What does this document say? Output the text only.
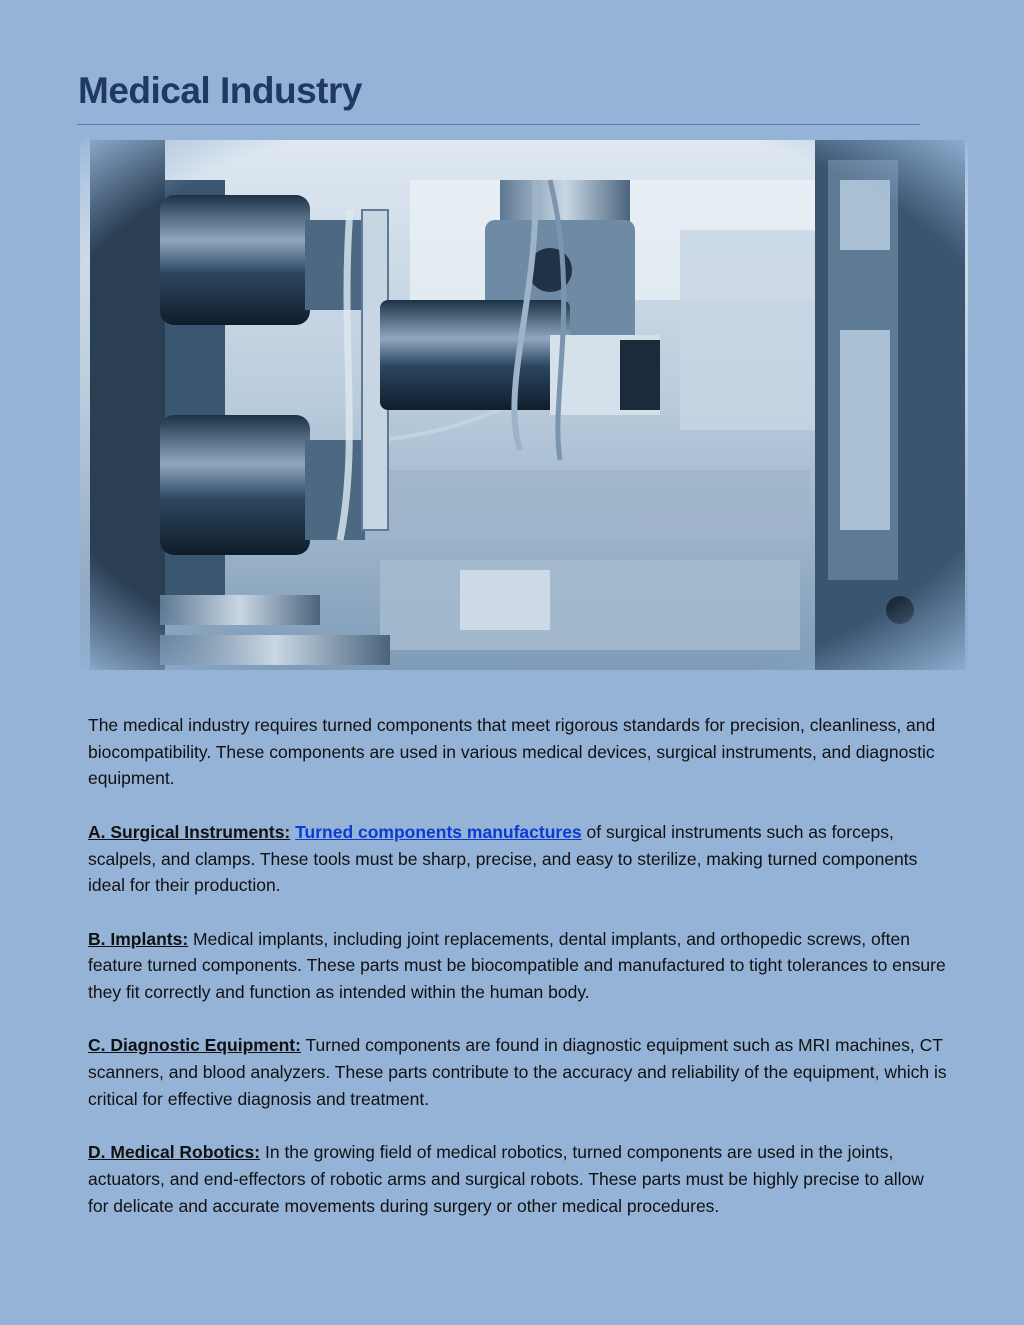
Medical Industry

The medical industry requires turned components that meet rigorous standards for precision, cleanliness, and biocompatibility. These components are used in various medical devices, surgical instruments, and diagnostic equipment.

A. Surgical Instruments: Turned components manufactures of surgical instruments such as forceps, scalpels, and clamps. These tools must be sharp, precise, and easy to sterilize, making turned components ideal for their production.

B. Implants: Medical implants, including joint replacements, dental implants, and orthopedic screws, often feature turned components. These parts must be biocompatible and manufactured to tight tolerances to ensure they fit correctly and function as intended within the human body.

C. Diagnostic Equipment: Turned components are found in diagnostic equipment such as MRI machines, CT scanners, and blood analyzers. These parts contribute to the accuracy and reliability of the equipment, which is critical for effective diagnosis and treatment.

D. Medical Robotics: In the growing field of medical robotics, turned components are used in the joints, actuators, and end-effectors of robotic arms and surgical robots. These parts must be highly precise to allow for delicate and accurate movements during surgery or other medical procedures.
